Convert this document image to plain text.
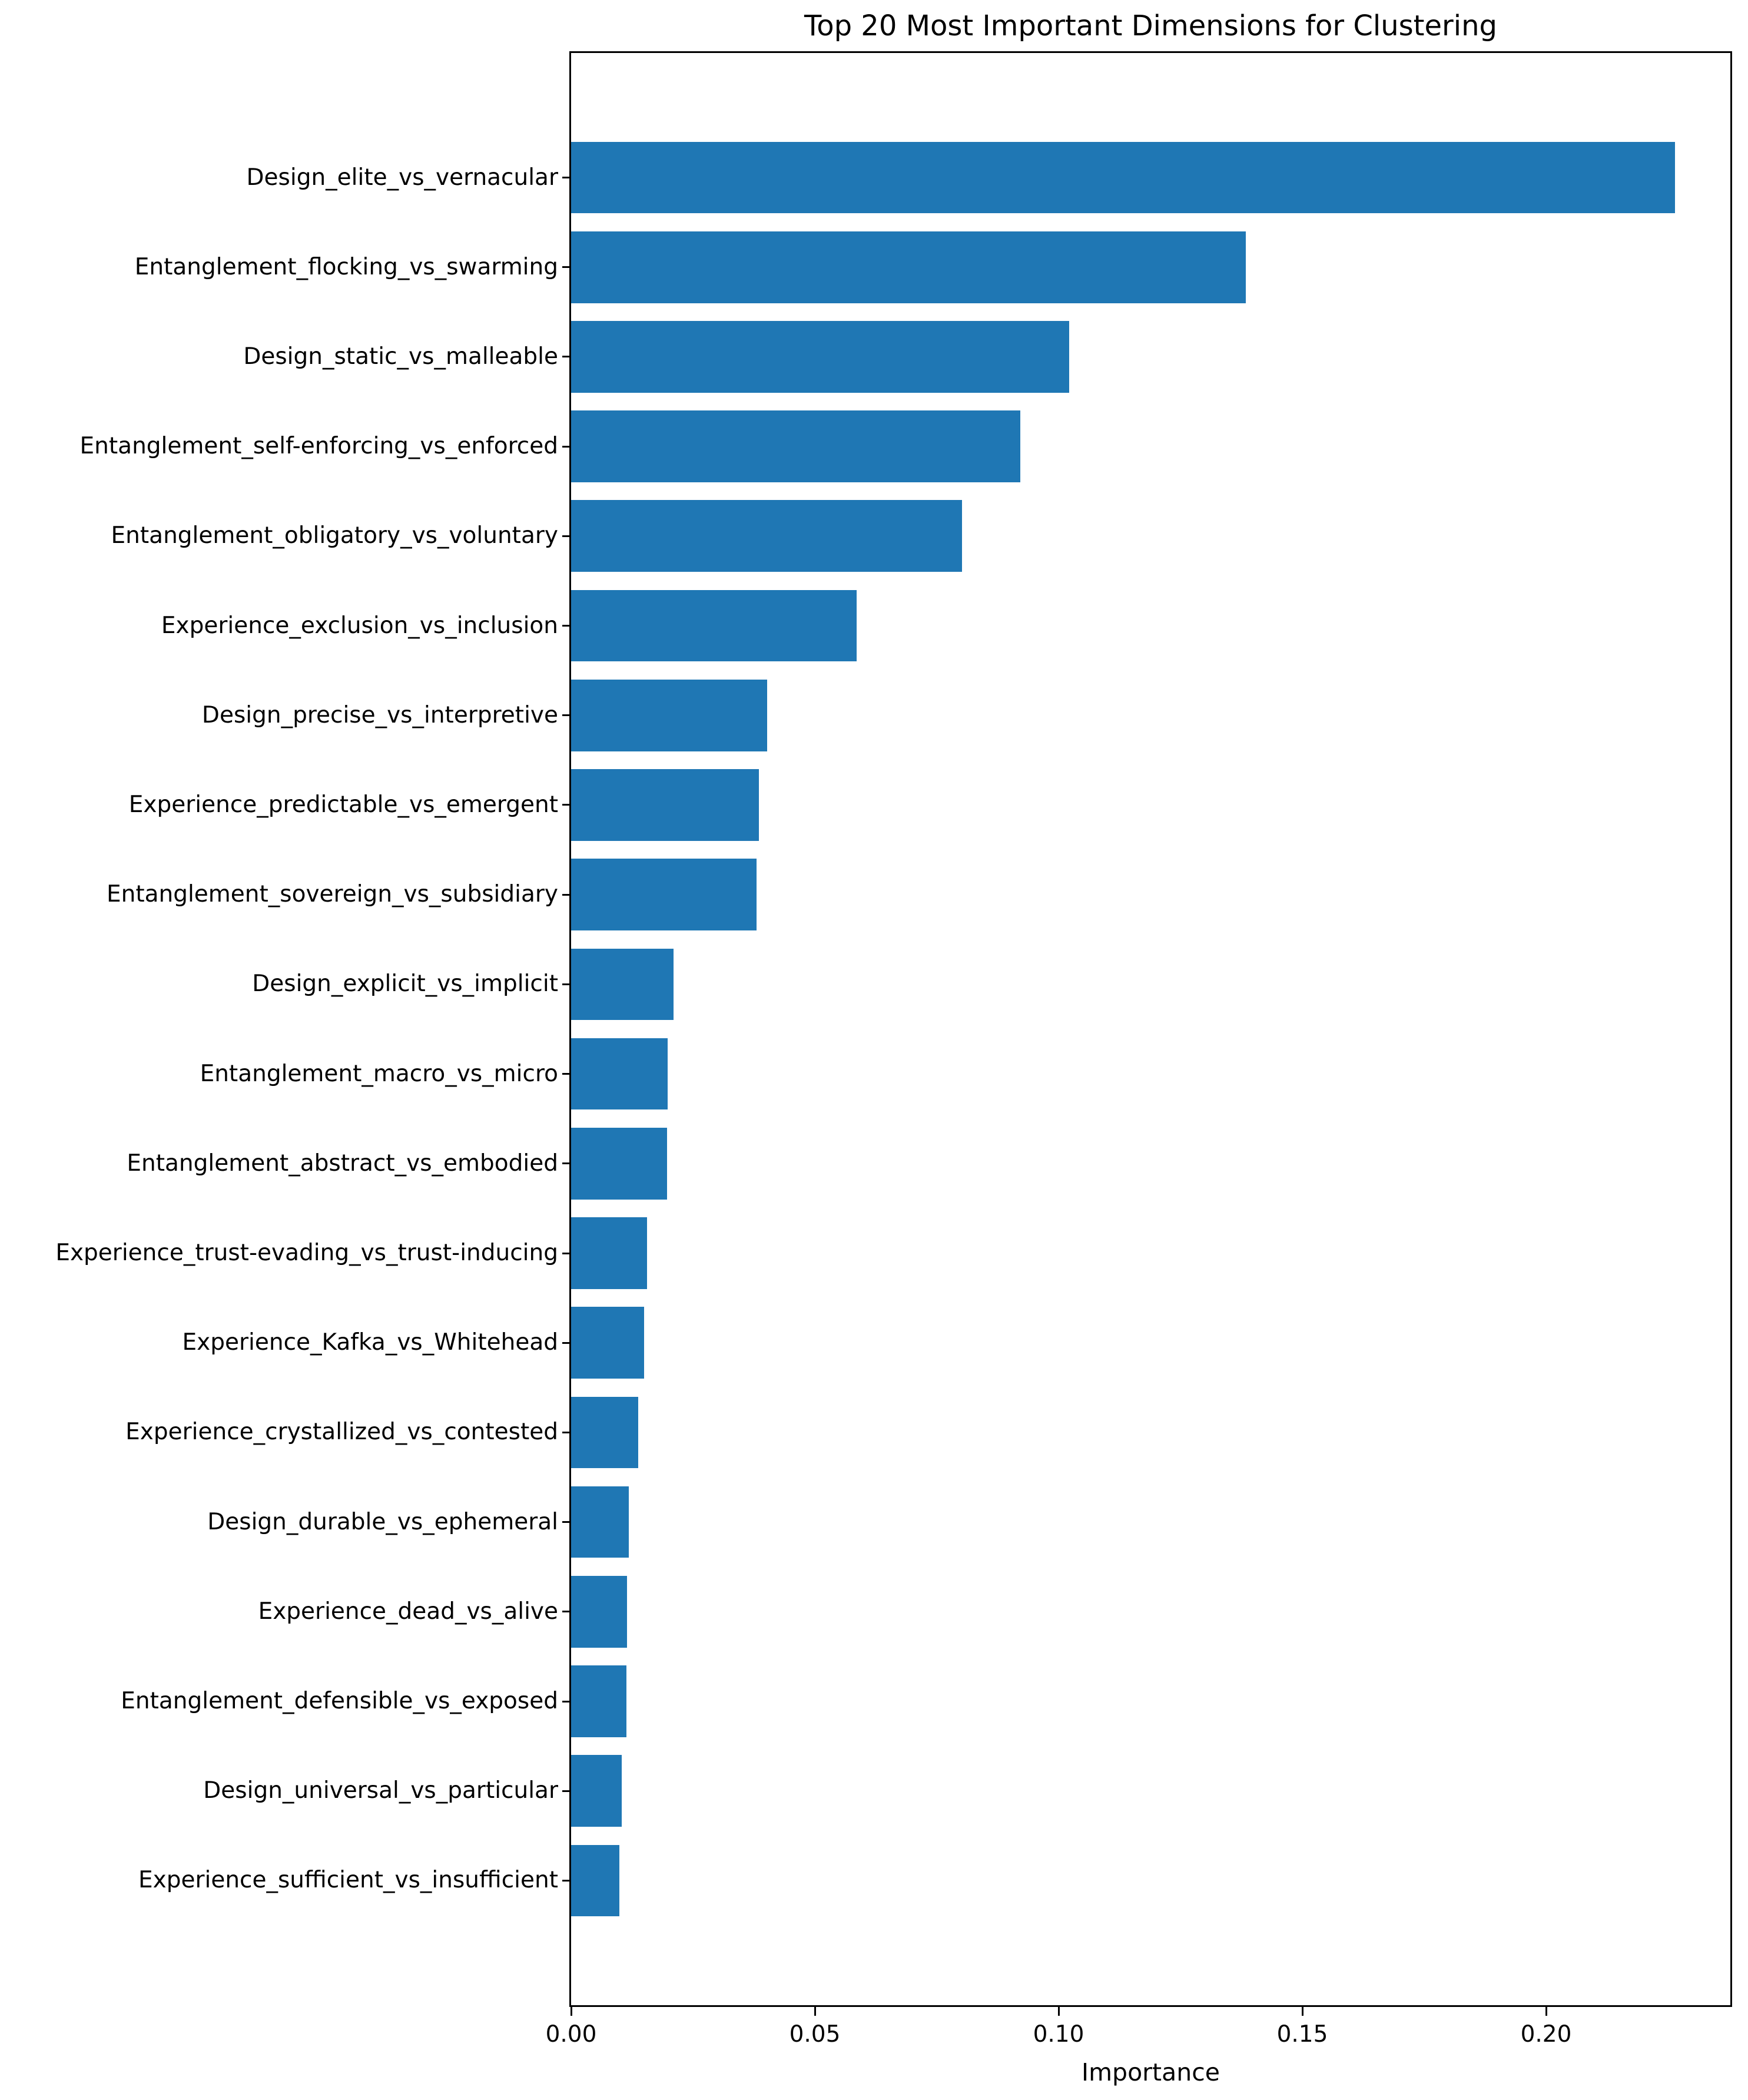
Top 20 Most Important Dimensions for Clustering
Design_elite_vs_vernacular
Entanglement_flocking_vs_swarming
Design_static_vs_malleable
Entanglement_self-enforcing_vs_enforced
Entanglement_obligatory_vs_voluntary
Experience_exclusion_vs_inclusion
Design_precise_vs_interpretive
Experience_predictable_vs_emergent
Entanglement_sovereign_vs_subsidiary
Design_explicit_vs_implicit
Entanglement_macro_vs_micro
Entanglement_abstract_vs_embodied
Experience_trust-evading_vs_trust-inducing
Experience_Kafka_vs_Whitehead
Experience_crystallized_vs_contested
Design_durable_vs_ephemeral
Experience_dead_vs_alive
Entanglement_defensible_vs_exposed
Design_universal_vs_particular
Experience_sufficient_vs_insufficient
0.00	0.05	0.10	0.15	0.20
Importance
